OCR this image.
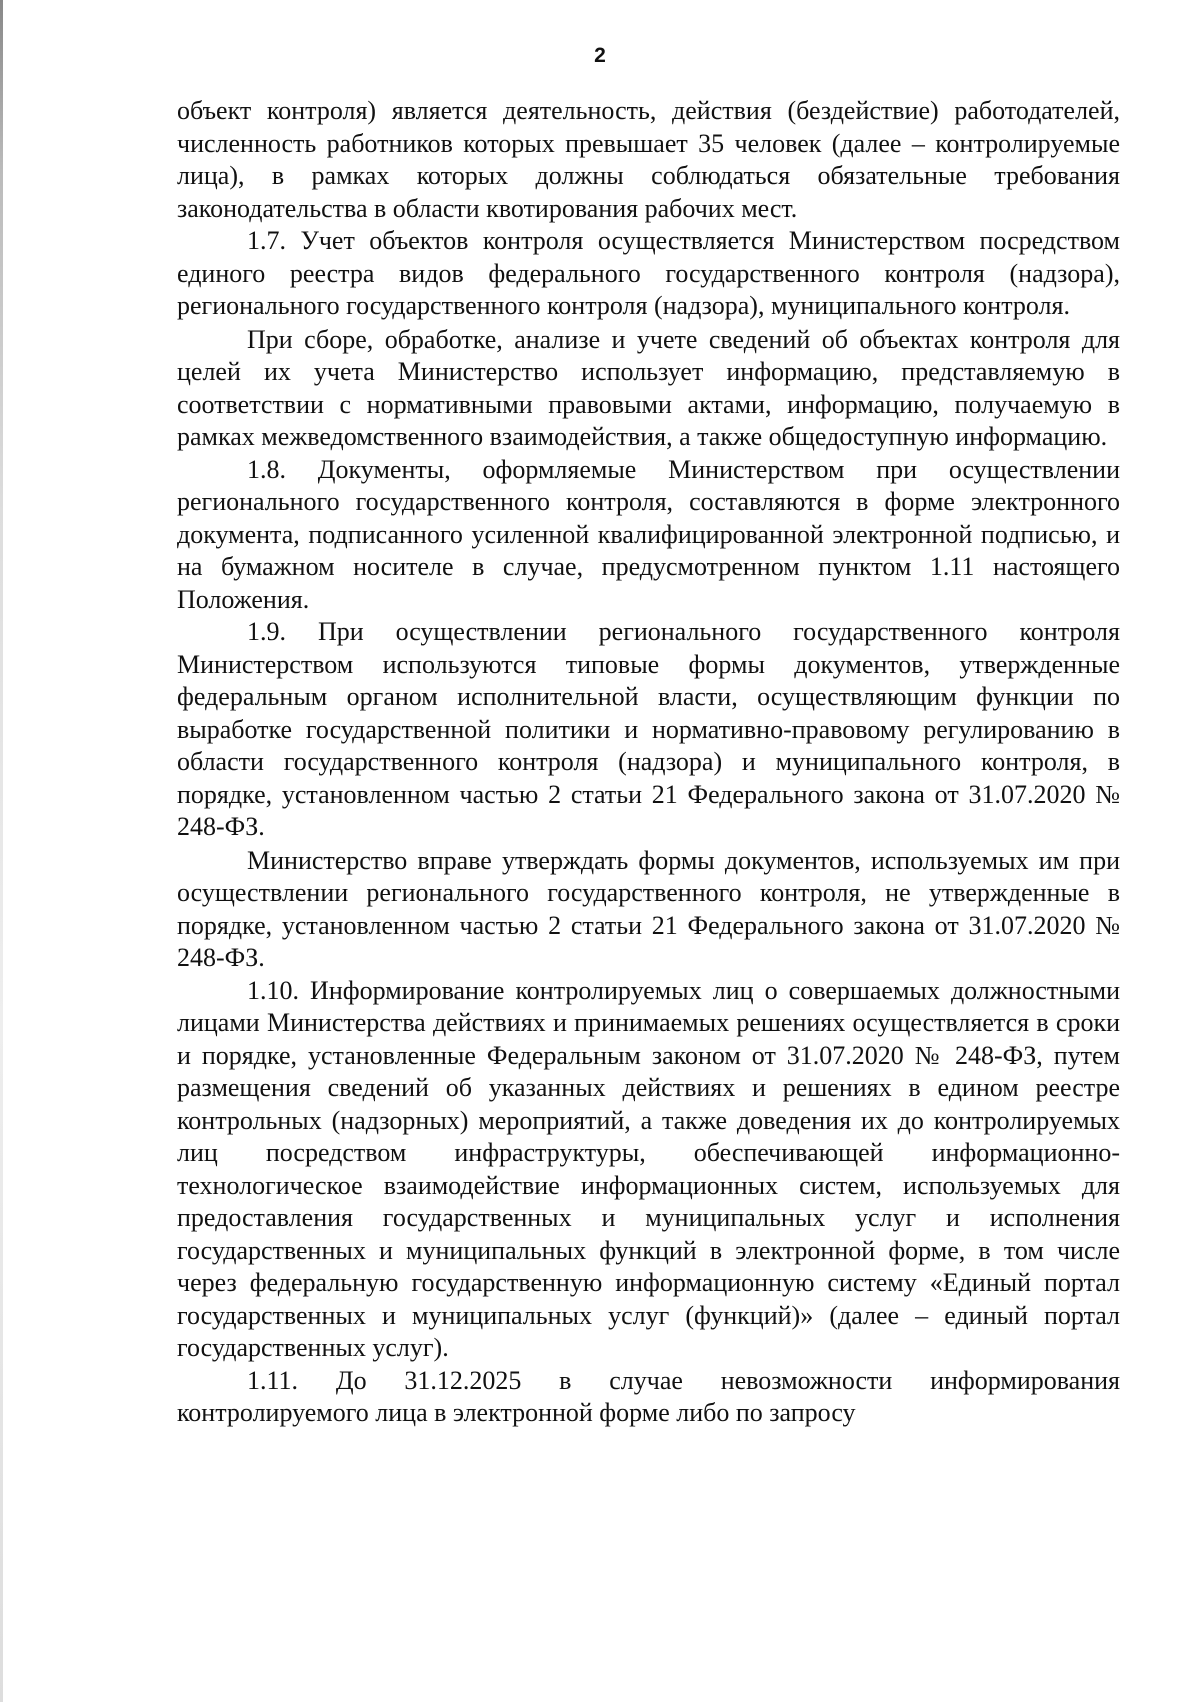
2

объект контроля) является деятельность, действия (бездействие) работодателей, численность работников которых превышает 35 человек (далее – контролируемые лица), в рамках которых должны соблюдаться обязательные требования законодательства в области квотирования рабочих мест.

1.7. Учет объектов контроля осуществляется Министерством посредством единого реестра видов федерального государственного контроля (надзора), регионального государственного контроля (надзора), муниципального контроля.

При сборе, обработке, анализе и учете сведений об объектах контроля для целей их учета Министерство использует информацию, представляемую в соответствии с нормативными правовыми актами, информацию, получаемую в рамках межведомственного взаимодействия, а также общедоступную информацию.

1.8. Документы, оформляемые Министерством при осуществлении регионального государственного контроля, составляются в форме электронного документа, подписанного усиленной квалифицированной электронной подписью, и на бумажном носителе в случае, предусмотренном пунктом 1.11 настоящего Положения.

1.9. При осуществлении регионального государственного контроля Министерством используются типовые формы документов, утвержденные федеральным органом исполнительной власти, осуществляющим функции по выработке государственной политики и нормативно-правовому регулированию в области государственного контроля (надзора) и муниципального контроля, в порядке, установленном частью 2 статьи 21 Федерального закона от 31.07.2020 № 248-ФЗ.

Министерство вправе утверждать формы документов, используемых им при осуществлении регионального государственного контроля, не утвержденные в порядке, установленном частью 2 статьи 21 Федерального закона от 31.07.2020 № 248-ФЗ.

1.10. Информирование контролируемых лиц о совершаемых должностными лицами Министерства действиях и принимаемых решениях осуществляется в сроки и порядке, установленные Федеральным законом от 31.07.2020 № 248-ФЗ, путем размещения сведений об указанных действиях и решениях в едином реестре контрольных (надзорных) мероприятий, а также доведения их до контролируемых лиц посредством инфраструктуры, обеспечивающей информационно-технологическое взаимодействие информационных систем, используемых для предоставления государственных и муниципальных услуг и исполнения государственных и муниципальных функций в электронной форме, в том числе через федеральную государственную информационную систему «Единый портал государственных и муниципальных услуг (функций)» (далее – единый портал государственных услуг).

1.11. До 31.12.2025 в случае невозможности информирования контролируемого лица в электронной форме либо по запросу
